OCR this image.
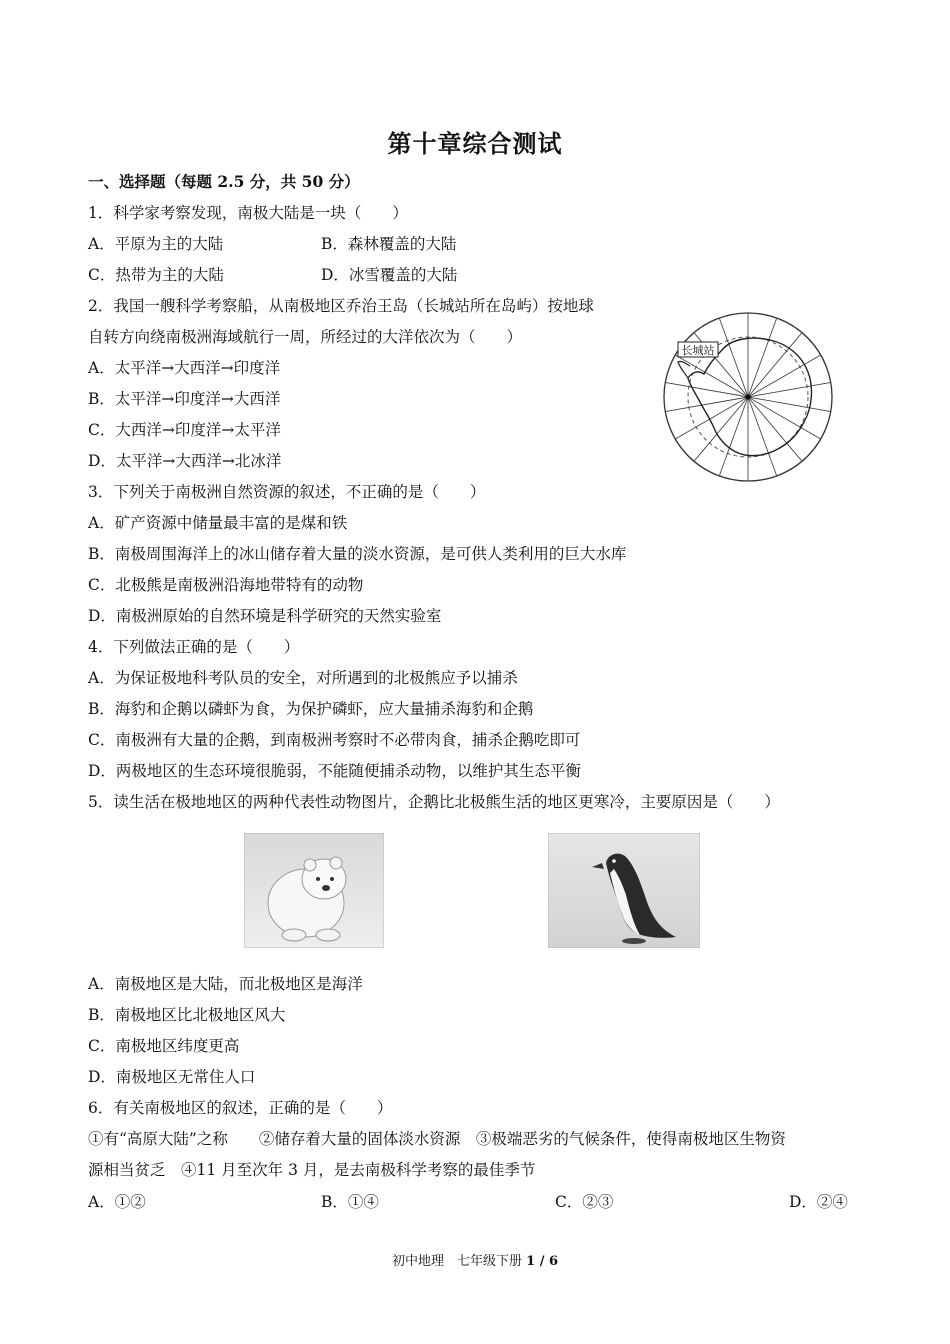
第十章综合测试
一、选择题（每题 2.5 分，共 50 分）
1．科学家考察发现，南极大陆是一块（　　）
A．平原为主的大陆	B．森林覆盖的大陆
C．热带为主的大陆	D．冰雪覆盖的大陆
2．我国一艘科学考察船，从南极地区乔治王岛（长城站所在岛屿）按地球
自转方向绕南极洲海域航行一周，所经过的大洋依次为（　　）
A．太平洋→大西洋→印度洋
B．太平洋→印度洋→大西洋
C．大西洋→印度洋→太平洋
D．太平洋→大西洋→北冰洋
长城站
3．下列关于南极洲自然资源的叙述，不正确的是（　　）
A．矿产资源中储量最丰富的是煤和铁
B．南极周围海洋上的冰山储存着大量的淡水资源，是可供人类利用的巨大水库
C．北极熊是南极洲沿海地带特有的动物
D．南极洲原始的自然环境是科学研究的天然实验室
4．下列做法正确的是（　　）
A．为保证极地科考队员的安全，对所遇到的北极熊应予以捕杀
B．海豹和企鹅以磷虾为食，为保护磷虾，应大量捕杀海豹和企鹅
C．南极洲有大量的企鹅，到南极洲考察时不必带肉食，捕杀企鹅吃即可
D．两极地区的生态环境很脆弱，不能随便捕杀动物，以维护其生态平衡
5．读生活在极地地区的两种代表性动物图片，企鹅比北极熊生活的地区更寒冷，主要原因是（　　）
A．南极地区是大陆，而北极地区是海洋
B．南极地区比北极地区风大
C．南极地区纬度更高
D．南极地区无常住人口
6．有关南极地区的叙述，正确的是（　　）
①有“高原大陆”之称　　②储存着大量的固体淡水资源　③极端恶劣的气候条件，使得南极地区生物资
源相当贫乏　④11 月至次年 3 月，是去南极科学考察的最佳季节
A．①②	B．①④	C．②③	D．②④
初中地理　七年级下册 1 / 6
